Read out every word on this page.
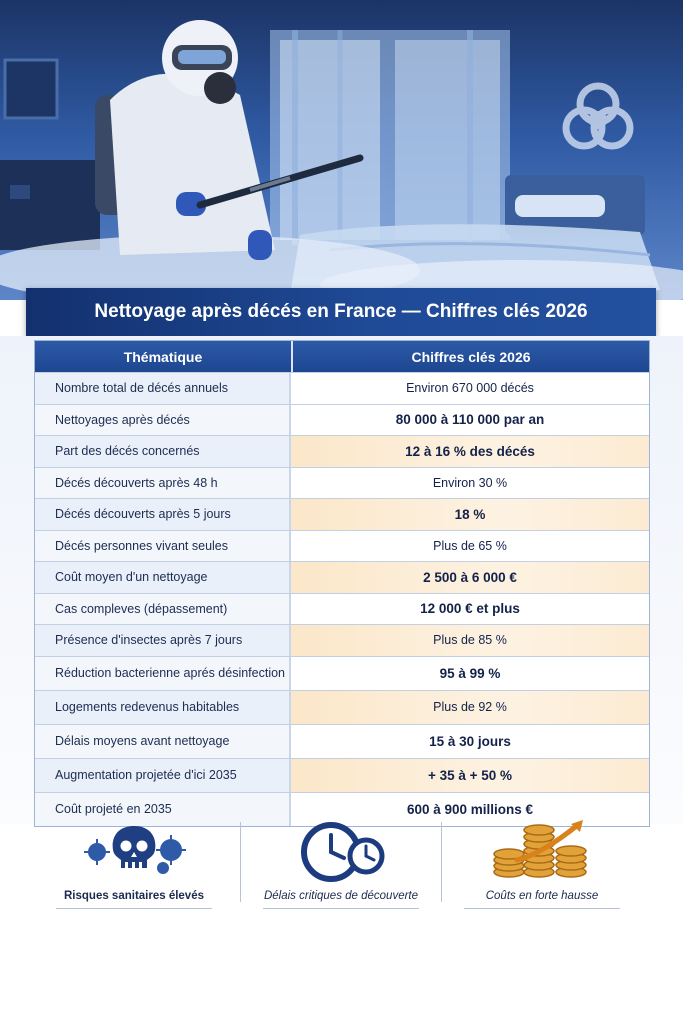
Nettoyage après décés en France — Chiffres clés 2026
Thématique	Chiffres clés 2026
Nombre total de décés annuels	Environ 670 000 décés
Nettoyages après décés	80 000 à 110 000 par an
Part des décés concernés	12 à 16 % des décés
Décés découverts après 48 h	Environ 30 %
Décés découverts après 5 jours	18 %
Décés personnes vivant seules	Plus de 65 %
Coût moyen d'un nettoyage	2 500 à 6 000 €
Cas compleves (dépassement)	12 000 € et plus
Présence d'insectes après 7 jours	Plus de 85 %
Réduction bacterienne aprés désinfection	95 à 99 %
Logements redevenus habitables	Plus de 92 %
Délais moyens avant nettoyage	15 à 30 jours
Augmentation projetée d'ici 2035	+ 35 à + 50 %
Coût projeté en 2035	600 à 900 millions €
Risques sanitaires élevés	Délais critiques de découverte	Coûts en forte hausse
